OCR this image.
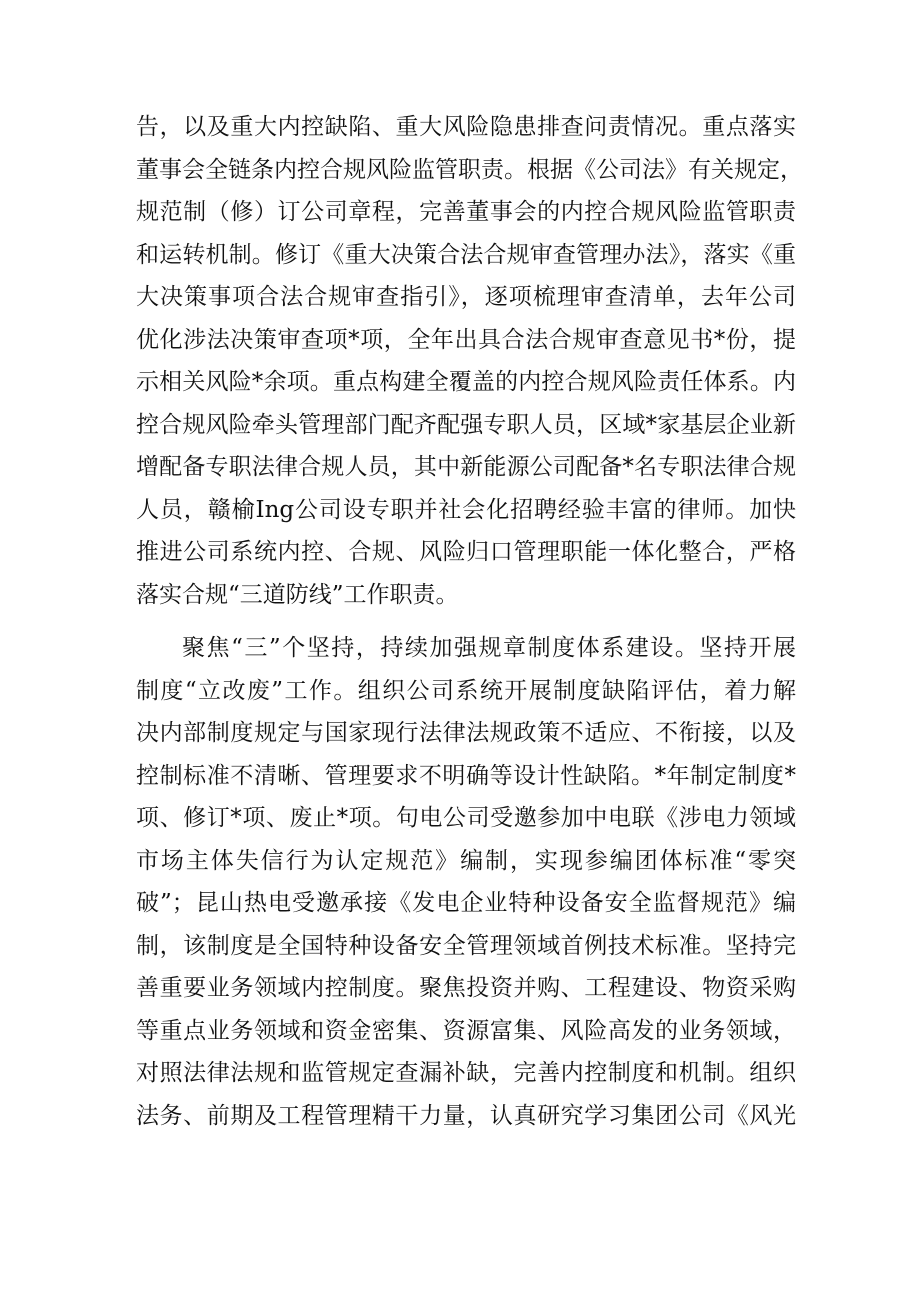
告，以及重大内控缺陷、重大风险隐患排查问责情况。重点落实
董事会全链条内控合规风险监管职责。根据《公司法》有关规定，
规范制（修）订公司章程，完善董事会的内控合规风险监管职责
和运转机制。修订《重大决策合法合规审查管理办法》，落实《重
大决策事项合法合规审查指引》，逐项梳理审查清单，去年公司
优化涉法决策审查项*项，全年出具合法合规审查意见书*份，提
示相关风险*余项。重点构建全覆盖的内控合规风险责任体系。内
控合规风险牵头管理部门配齐配强专职人员，区域*家基层企业新
增配备专职法律合规人员，其中新能源公司配备*名专职法律合规
人员，赣榆Ing公司设专职并社会化招聘经验丰富的律师。加快
推进公司系统内控、合规、风险归口管理职能一体化整合，严格
落实合规“三道防线”工作职责。
聚焦“三”个坚持，持续加强规章制度体系建设。坚持开展
制度“立改废”工作。组织公司系统开展制度缺陷评估，着力解
决内部制度规定与国家现行法律法规政策不适应、不衔接，以及
控制标准不清晰、管理要求不明确等设计性缺陷。*年制定制度*
项、修订*项、废止*项。句电公司受邀参加中电联《涉电力领域
市场主体失信行为认定规范》编制，实现参编团体标准“零突
破”；昆山热电受邀承接《发电企业特种设备安全监督规范》编
制，该制度是全国特种设备安全管理领域首例技术标准。坚持完
善重要业务领域内控制度。聚焦投资并购、工程建设、物资采购
等重点业务领域和资金密集、资源富集、风险高发的业务领域，
对照法律法规和监管规定查漏补缺，完善内控制度和机制。组织
法务、前期及工程管理精干力量，认真研究学习集团公司《风光
